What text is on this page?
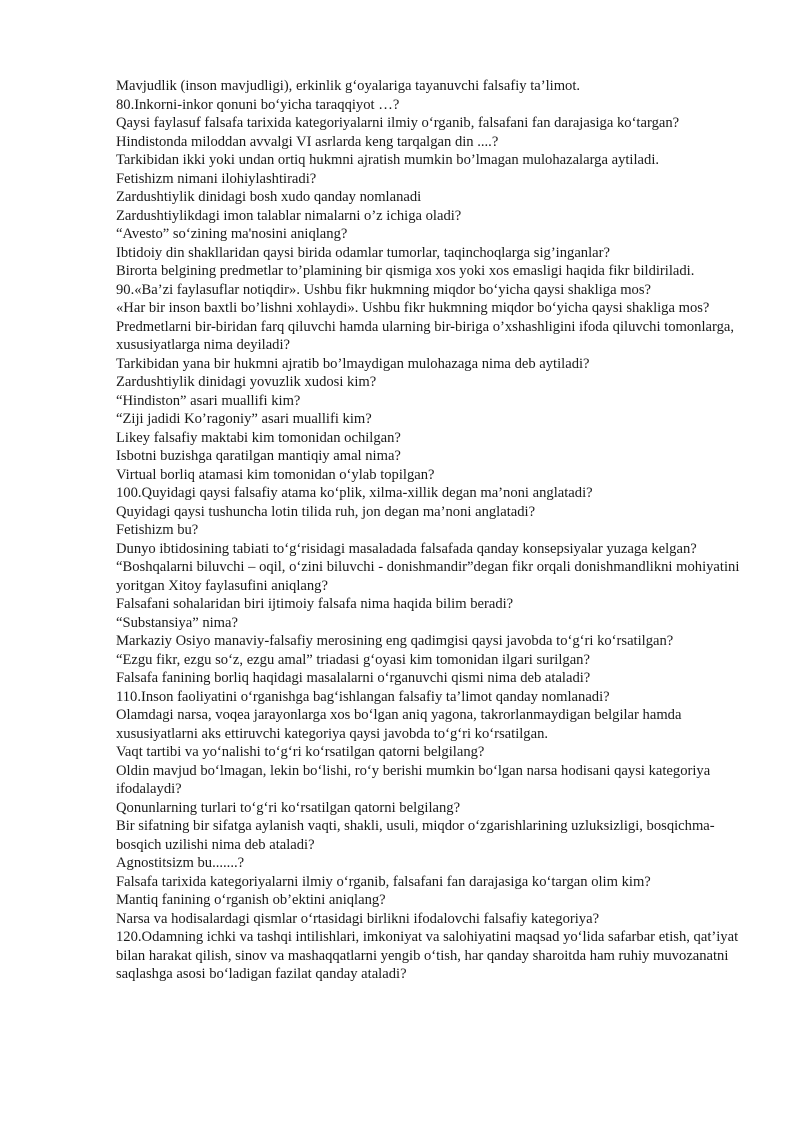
Mavjudlik (inson mavjudligi), erkinlik g‘oyalariga tayanuvchi falsafiy ta’limot.

80.Inkorni-inkor qonuni bo‘yicha taraqqiyot …?

Qaysi faylasuf falsafa tarixida kategoriyalarni ilmiy o‘rganib, falsafani fan darajasiga ko‘targan?

Hindistonda miloddan avvalgi VI asrlarda keng tarqalgan din ....?

Tarkibidan ikki yoki undan ortiq hukmni ajratish mumkin bo’lmagan mulohazalarga aytiladi.

Fetishizm nimani ilohiylashtiradi?

Zardushtiylik dinidagi bosh xudo qanday nomlanadi

Zardushtiylikdagi imon talablar nimalarni o’z ichiga oladi?

“Avesto” so‘zining ma'nosini aniqlang?

Ibtidoiy din shakllaridan qaysi birida odamlar tumorlar, taqinchoqlarga sig’inganlar?

Birorta belgining predmetlar to’plamining bir qismiga xos yoki xos emasligi haqida fikr bildiriladi.

90.«Ba’zi faylasuflar notiqdir». Ushbu fikr hukmning miqdor bo‘yicha qaysi shakliga mos?

«Har bir inson baxtli bo’lishni xohlaydi». Ushbu fikr hukmning miqdor bo‘yicha qaysi shakliga mos?

Predmetlarni bir-biridan farq qiluvchi hamda ularning bir-biriga o’xshashligini ifoda qiluvchi tomonlarga, xususiyatlarga nima deyiladi?

Tarkibidan yana bir hukmni ajratib bo’lmaydigan mulohazaga nima deb aytiladi?

Zardushtiylik dinidagi yovuzlik xudosi kim?

“Hindiston” asari muallifi kim?

“Ziji jadidi Ko’ragoniy” asari muallifi kim?

Likey falsafiy maktabi kim tomonidan ochilgan?

Isbotni buzishga qaratilgan mantiqiy amal nima?

Virtual borliq atamasi kim tomonidan o‘ylab topilgan?

100.Quyidagi qaysi falsafiy atama ko‘plik, xilma-xillik degan ma’noni anglatadi?

Quyidagi qaysi tushuncha lotin tilida ruh, jon degan ma’noni anglatadi?

Fetishizm bu?

Dunyo ibtidosining tabiati to‘g‘risidagi masaladada falsafada qanday konsepsiyalar yuzaga kelgan?

“Boshqalarni biluvchi – oqil, o‘zini biluvchi - donishmandir”degan fikr orqali donishmandlikni mohiyatini yoritgan Xitoy faylasufini aniqlang?

Falsafani sohalaridan biri ijtimoiy falsafa nima haqida bilim beradi?

“Substansiya” nima?

Markaziy Osiyo manaviy-falsafiy merosining eng qadimgisi qaysi javobda to‘g‘ri ko‘rsatilgan?

“Ezgu fikr, ezgu so‘z, ezgu amal” triadasi g‘oyasi kim tomonidan ilgari surilgan?

Falsafa fanining borliq haqidagi masalalarni o‘rganuvchi qismi nima deb ataladi?

110.Inson faoliyatini o‘rganishga bag‘ishlangan falsafiy ta’limot qanday nomlanadi?

Olamdagi narsa, voqea jarayonlarga xos bo‘lgan aniq yagona, takrorlanmaydigan belgilar hamda xususiyatlarni aks ettiruvchi kategoriya qaysi javobda to‘g‘ri ko‘rsatilgan.

Vaqt tartibi va yo‘nalishi to‘g‘ri ko‘rsatilgan qatorni belgilang?

Oldin mavjud bo‘lmagan, lekin bo‘lishi, ro‘y berishi mumkin bo‘lgan narsa hodisani qaysi kategoriya ifodalaydi?

Qonunlarning turlari to‘g‘ri ko‘rsatilgan qatorni belgilang?

Bir sifatning bir sifatga aylanish vaqti, shakli, usuli, miqdor o‘zgarishlarining uzluksizligi, bosqichma-bosqich uzilishi nima deb ataladi?

Agnostitsizm bu.......?

Falsafa tarixida kategoriyalarni ilmiy o‘rganib, falsafani fan darajasiga ko‘targan olim kim?

Mantiq fanining o‘rganish ob’ektini aniqlang?

Narsa va hodisalardagi qismlar o‘rtasidagi birlikni ifodalovchi falsafiy kategoriya?

120.Odamning ichki va tashqi intilishlari, imkoniyat va salohiyatini maqsad yo‘lida safarbar etish, qat’iyat bilan harakat qilish, sinov va mashaqqatlarni yengib o‘tish, har qanday sharoitda ham ruhiy muvozanatni saqlashga asosi bo‘ladigan fazilat qanday ataladi?
